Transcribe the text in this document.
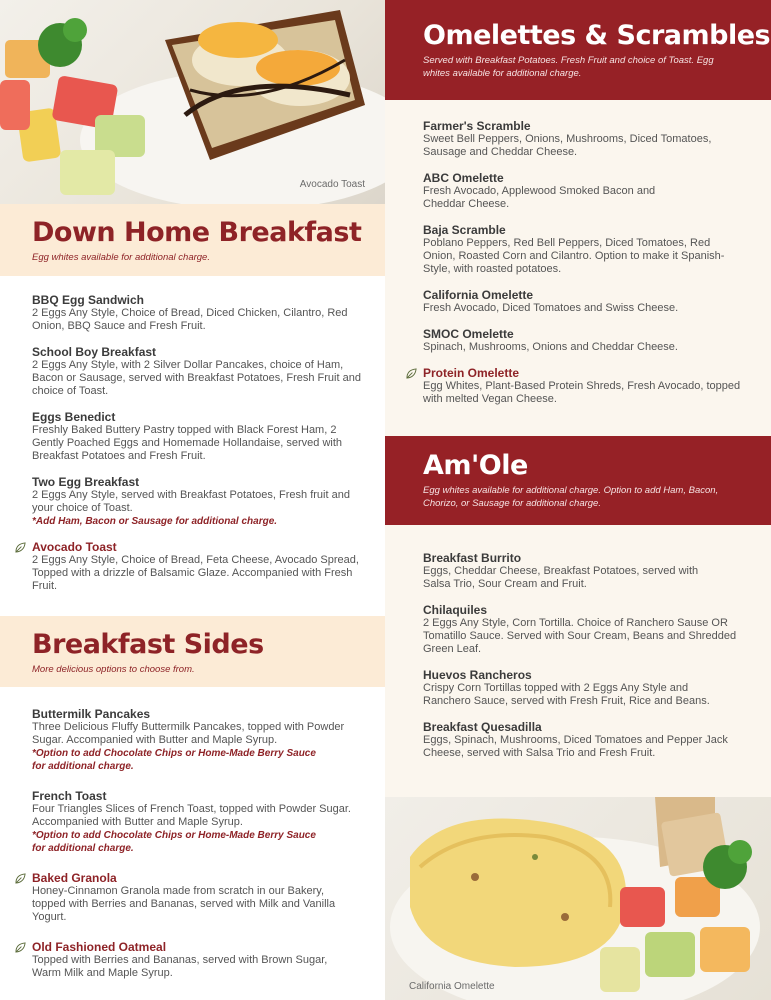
Avocado Toast
Down Home Breakfast
Egg whites available for additional charge.
BBQ Egg Sandwich
2 Eggs Any Style, Choice of Bread, Diced Chicken, Cilantro, Red Onion, BBQ Sauce and Fresh Fruit.
School Boy Breakfast
2 Eggs Any Style, with 2 Silver Dollar Pancakes, choice of Ham, Bacon or Sausage, served with Breakfast Potatoes, Fresh Fruit and choice of Toast.
Eggs Benedict
Freshly Baked Buttery Pastry topped with Black Forest Ham, 2 Gently Poached Eggs and Homemade Hollandaise, served with Breakfast Potatoes and Fresh Fruit.
Two Egg Breakfast
2 Eggs Any Style, served with Breakfast Potatoes, Fresh fruit and your choice of Toast.
*Add Ham, Bacon or Sausage for additional charge.
Avocado Toast
2 Eggs Any Style, Choice of Bread, Feta Cheese, Avocado Spread, Topped with a drizzle of Balsamic Glaze. Accompanied with Fresh Fruit.
Breakfast Sides
More delicious options to choose from.
Buttermilk Pancakes
Three Delicious Fluffy Buttermilk Pancakes, topped with Powder Sugar. Accompanied with Butter and Maple Syrup.
*Option to add Chocolate Chips or Home-Made Berry Sauce for additional charge.
French Toast
Four Triangles Slices of French Toast, topped with Powder Sugar. Accompanied with Butter and Maple Syrup.
*Option to add Chocolate Chips or Home-Made Berry Sauce for additional charge.
Baked Granola
Honey-Cinnamon Granola made from scratch in our Bakery, topped with Berries and Bananas, served with Milk and Vanilla Yogurt.
Old Fashioned Oatmeal
Topped with Berries and Bananas, served with Brown Sugar, Warm Milk and Maple Syrup.
Omelettes & Scrambles
Served with Breakfast Potatoes. Fresh Fruit and choice of Toast. Egg whites available for additional charge.
Farmer's Scramble
Sweet Bell Peppers, Onions, Mushrooms, Diced Tomatoes, Sausage and Cheddar Cheese.
ABC Omelette
Fresh Avocado, Applewood Smoked Bacon and Cheddar Cheese.
Baja Scramble
Poblano Peppers, Red Bell Peppers, Diced Tomatoes, Red Onion, Roasted Corn and Cilantro. Option to make it Spanish-Style, with roasted potatoes.
California Omelette
Fresh Avocado, Diced Tomatoes and Swiss Cheese.
SMOC Omelette
Spinach, Mushrooms, Onions and Cheddar Cheese.
Protein Omelette
Egg Whites, Plant-Based Protein Shreds, Fresh Avocado, topped with melted Vegan Cheese.
Am'Ole
Egg whites available for additional charge. Option to add Ham, Bacon, Chorizo, or Sausage for additional charge.
Breakfast Burrito
Eggs, Cheddar Cheese, Breakfast Potatoes, served with Salsa Trio, Sour Cream and Fruit.
Chilaquiles
2 Eggs Any Style, Corn Tortilla. Choice of Ranchero Sause OR Tomatillo Sauce. Served with Sour Cream, Beans and Shredded Green Leaf.
Huevos Rancheros
Crispy Corn Tortillas topped with 2 Eggs Any Style and Ranchero Sauce, served with Fresh Fruit, Rice and Beans.
Breakfast Quesadilla
Eggs, Spinach, Mushrooms, Diced Tomatoes and Pepper Jack Cheese, served with Salsa Trio and Fresh Fruit.
California Omelette
